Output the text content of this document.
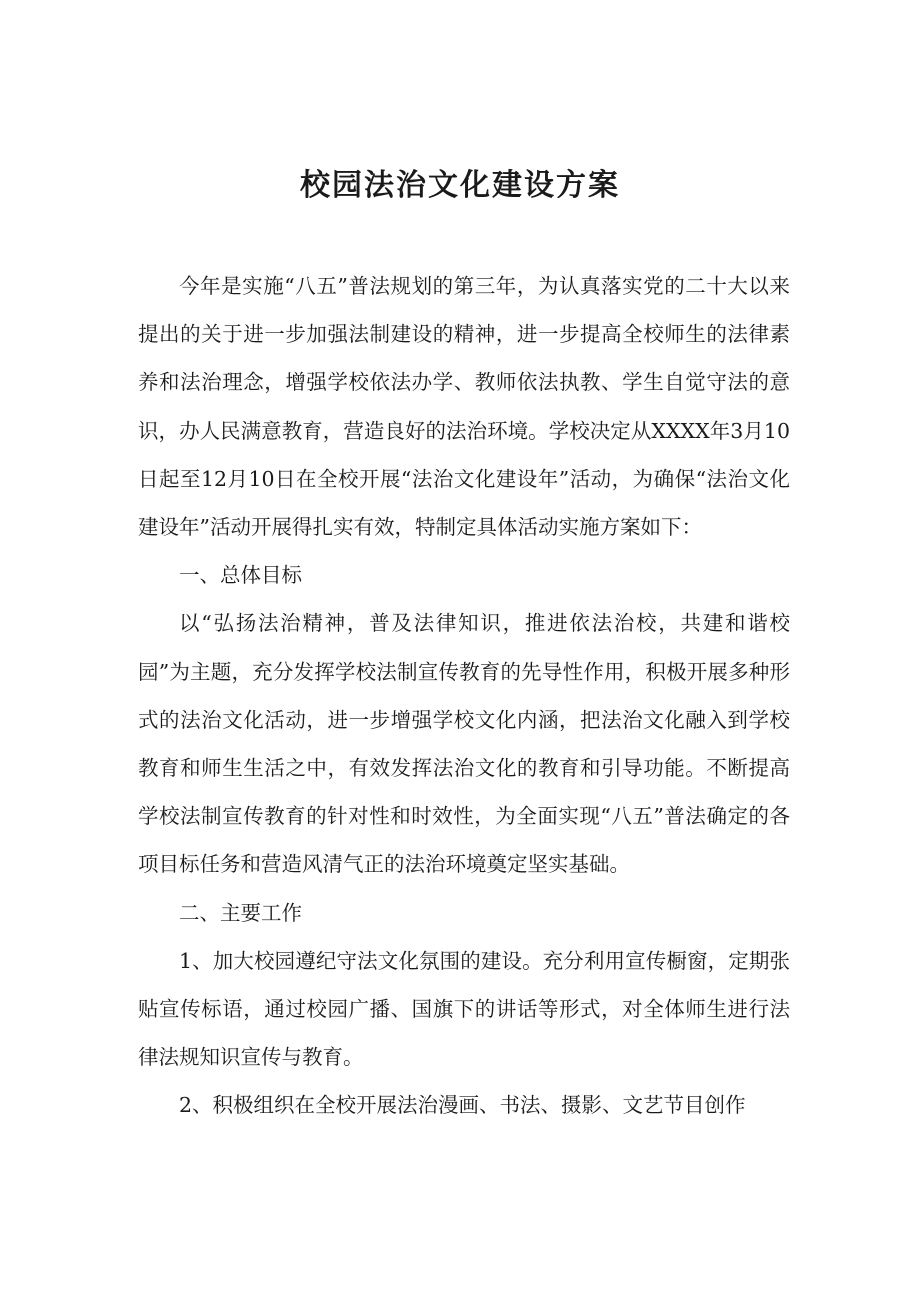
校园法治文化建设方案

今年是实施“八五”普法规划的第三年，为认真落实党的二十大以来提出的关于进一步加强法制建设的精神，进一步提高全校师生的法律素养和法治理念，增强学校依法办学、教师依法执教、学生自觉守法的意识，办人民满意教育，营造良好的法治环境。学校决定从XXXX年3月10日起至12月10日在全校开展“法治文化建设年”活动，为确保“法治文化建设年”活动开展得扎实有效，特制定具体活动实施方案如下：

一、总体目标

以“弘扬法治精神，普及法律知识，推进依法治校，共建和谐校园”为主题，充分发挥学校法制宣传教育的先导性作用，积极开展多种形式的法治文化活动，进一步增强学校文化内涵，把法治文化融入到学校教育和师生生活之中，有效发挥法治文化的教育和引导功能。不断提高学校法制宣传教育的针对性和时效性，为全面实现“八五”普法确定的各项目标任务和营造风清气正的法治环境奠定坚实基础。

二、主要工作

1、加大校园遵纪守法文化氛围的建设。充分利用宣传橱窗，定期张贴宣传标语，通过校园广播、国旗下的讲话等形式，对全体师生进行法律法规知识宣传与教育。

2、积极组织在全校开展法治漫画、书法、摄影、文艺节目创作
